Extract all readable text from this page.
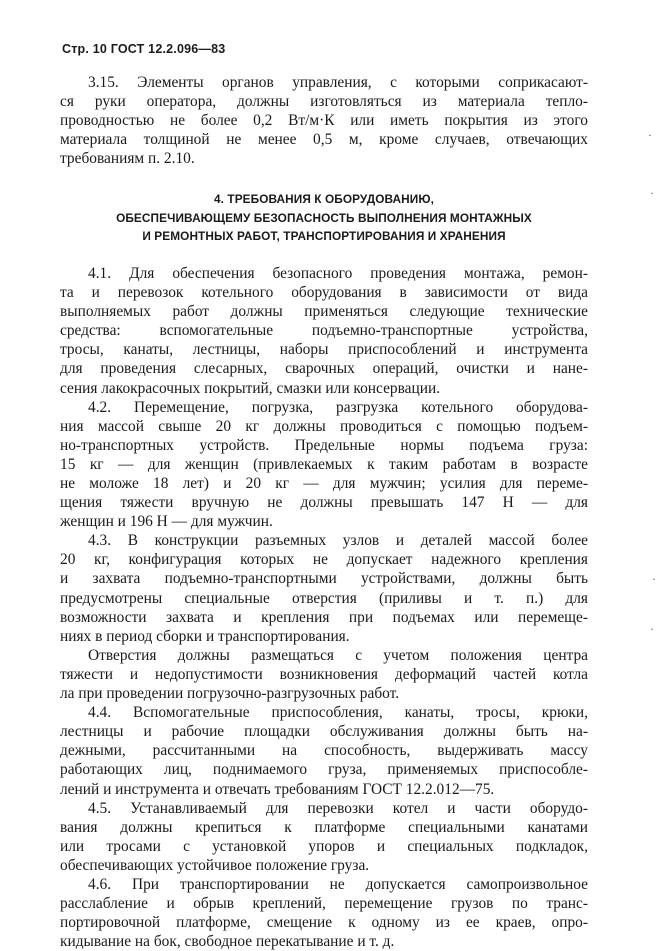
Стр. 10 ГОСТ 12.2.096—83

3.15. Элементы органов управления, с которыми соприкасают-
ся руки оператора, должны изготовляться из материала тепло-
проводностью не более 0,2 Вт/м·К или иметь покрытия из этого
материала толщиной не менее 0,5 м, кроме случаев, отвечающих
требованиям п. 2.10.

4. ТРЕБОВАНИЯ К ОБОРУДОВАНИЮ,
ОБЕСПЕЧИВАЮЩЕМУ БЕЗОПАСНОСТЬ ВЫПОЛНЕНИЯ МОНТАЖНЫХ
И РЕМОНТНЫХ РАБОТ, ТРАНСПОРТИРОВАНИЯ И ХРАНЕНИЯ

4.1. Для обеспечения безопасного проведения монтажа, ремон-
та и перевозок котельного оборудования в зависимости от вида
выполняемых работ должны применяться следующие технические
средства: вспомогательные подъемно-транспортные устройства,
тросы, канаты, лестницы, наборы приспособлений и инструмента
для проведения слесарных, сварочных операций, очистки и нане-
сения лакокрасочных покрытий, смазки или консервации.

4.2. Перемещение, погрузка, разгрузка котельного оборудова-
ния массой свыше 20 кг должны проводиться с помощью подъем-
но-транспортных устройств. Предельные нормы подъема груза:
15 кг — для женщин (привлекаемых к таким работам в возрасте
не моложе 18 лет) и 20 кг — для мужчин; усилия для переме-
щения тяжести вручную не должны превышать 147 Н — для
женщин и 196 Н — для мужчин.

4.3. В конструкции разъемных узлов и деталей массой более
20 кг, конфигурация которых не допускает надежного крепления
и захвата подъемно-транспортными устройствами, должны быть
предусмотрены специальные отверстия (приливы и т. п.) для
возможности захвата и крепления при подъемах или перемеще-
ниях в период сборки и транспортирования.

Отверстия должны размещаться с учетом положения центра
тяжести и недопустимости возникновения деформаций частей котла
ла при проведении погрузочно-разгрузочных работ.

4.4. Вспомогательные приспособления, канаты, тросы, крюки,
лестницы и рабочие площадки обслуживания должны быть на-
дежными, рассчитанными на способность, выдерживать массу
работающих лиц, поднимаемого груза, применяемых приспособле-
лений и инструмента и отвечать требованиям ГОСТ 12.2.012—75.

4.5. Устанавливаемый для перевозки котел и части оборудо-
вания должны крепиться к платформе специальными канатами
или тросами с установкой упоров и специальных подкладок,
обеспечивающих устойчивое положение груза.

4.6. При транспортировании не допускается самопроизвольное
расслабление и обрыв креплений, перемещение грузов по транс-
портировочной платформе, смещение к одному из ее краев, опро-
кидывание на бок, свободное перекатывание и т. д.

·
·
·
·
